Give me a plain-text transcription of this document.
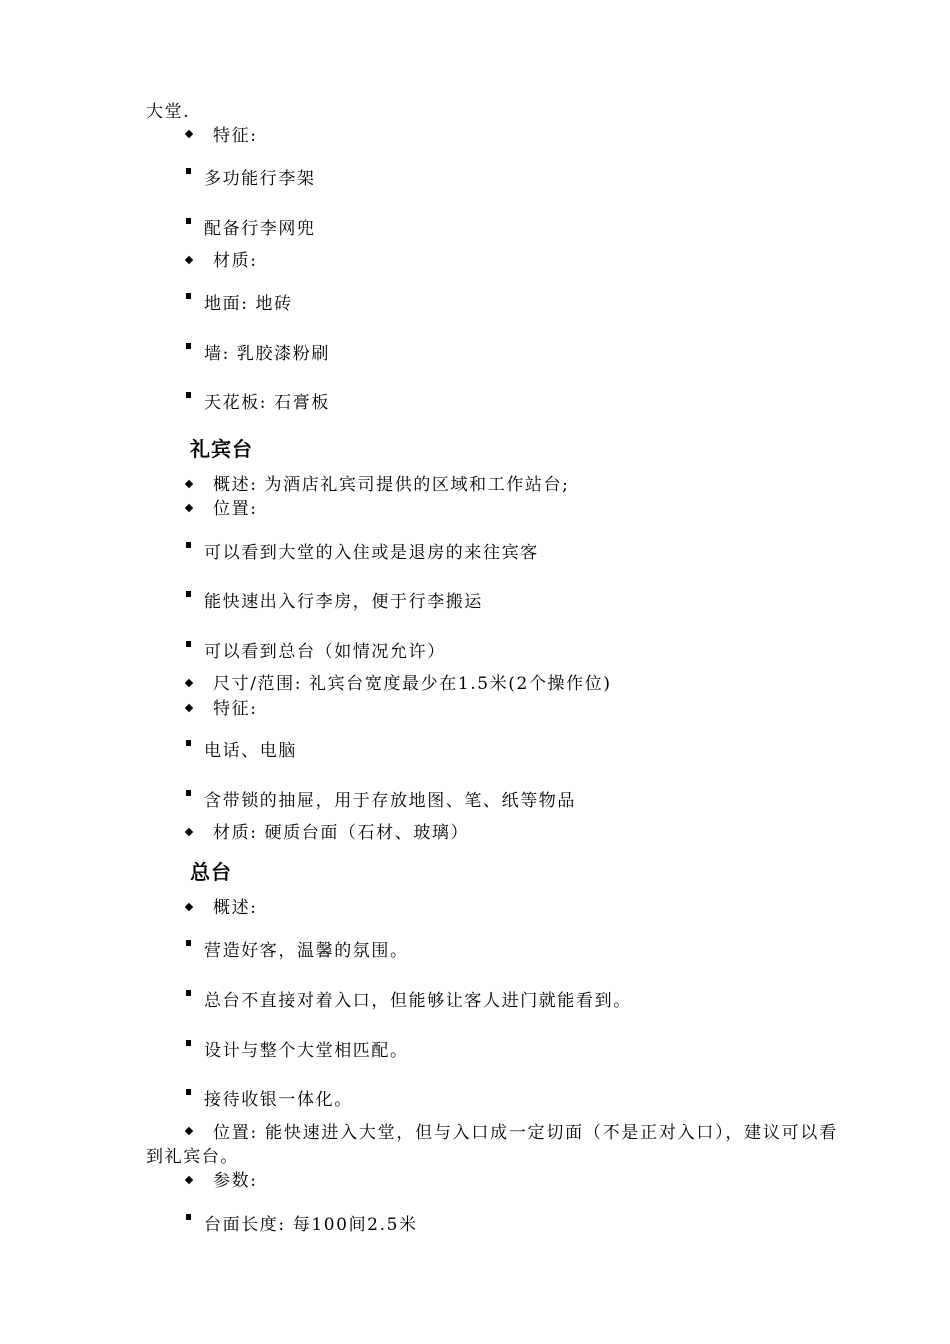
大堂.
特征:
多功能行李架
配备行李网兜
材质:
地面: 地砖
墙: 乳胶漆粉刷
天花板: 石膏板
礼宾台
概述: 为酒店礼宾司提供的区域和工作站台;
位置:
可以看到大堂的入住或是退房的来往宾客
能快速出入行李房，便于行李搬运
可以看到总台（如情况允许）
尺寸/范围: 礼宾台宽度最少在1.5米(2个操作位)
特征:
电话、电脑
含带锁的抽屉，用于存放地图、笔、纸等物品
材质: 硬质台面（石材、玻璃）
总台
概述:
营造好客，温馨的氛围。
总台不直接对着入口，但能够让客人进门就能看到。
设计与整个大堂相匹配。
接待收银一体化。
位置: 能快速进入大堂，但与入口成一定切面（不是正对入口），建议可以看
到礼宾台。
参数:
台面长度: 每100间2.5米
